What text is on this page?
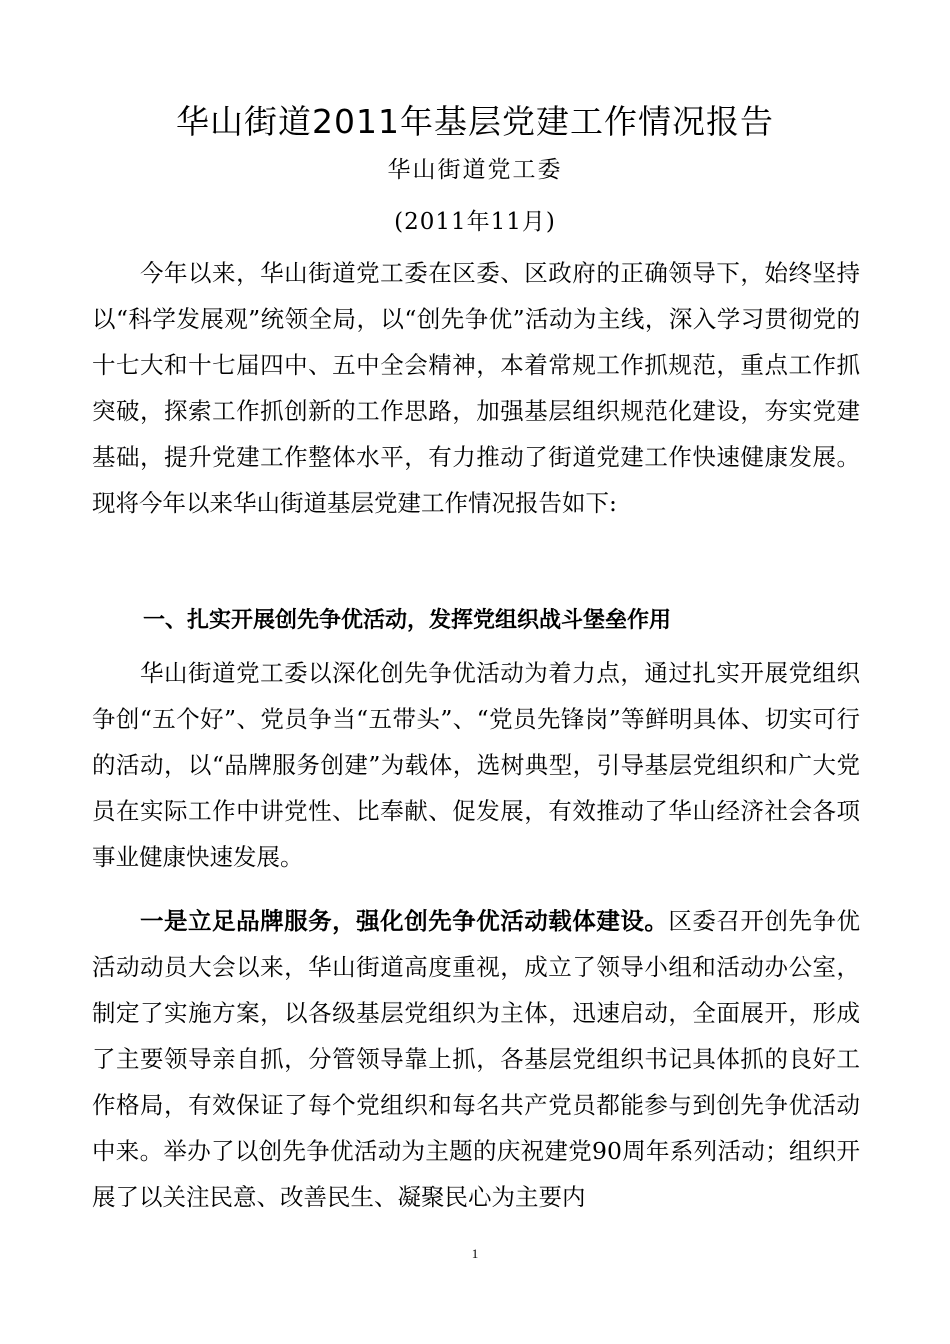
华山街道2011年基层党建工作情况报告
华山街道党工委
(2011年11月)

今年以来，华山街道党工委在区委、区政府的正确领导下，始终坚持以“科学发展观”统领全局，以“创先争优”活动为主线，深入学习贯彻党的十七大和十七届四中、五中全会精神，本着常规工作抓规范，重点工作抓突破，探索工作抓创新的工作思路，加强基层组织规范化建设，夯实党建基础，提升党建工作整体水平，有力推动了街道党建工作快速健康发展。现将今年以来华山街道基层党建工作情况报告如下:

一、扎实开展创先争优活动，发挥党组织战斗堡垒作用

华山街道党工委以深化创先争优活动为着力点，通过扎实开展党组织争创“五个好”、党员争当“五带头”、“党员先锋岗”等鲜明具体、切实可行的活动，以“品牌服务创建”为载体，选树典型，引导基层党组织和广大党员在实际工作中讲党性、比奉献、促发展，有效推动了华山经济社会各项事业健康快速发展。

一是立足品牌服务，强化创先争优活动载体建设。区委召开创先争优活动动员大会以来，华山街道高度重视，成立了领导小组和活动办公室，制定了实施方案，以各级基层党组织为主体，迅速启动，全面展开，形成了主要领导亲自抓，分管领导靠上抓，各基层党组织书记具体抓的良好工作格局，有效保证了每个党组织和每名共产党员都能参与到创先争优活动中来。举办了以创先争优活动为主题的庆祝建党90周年系列活动；组织开展了以关注民意、改善民生、凝聚民心为主要内

1
